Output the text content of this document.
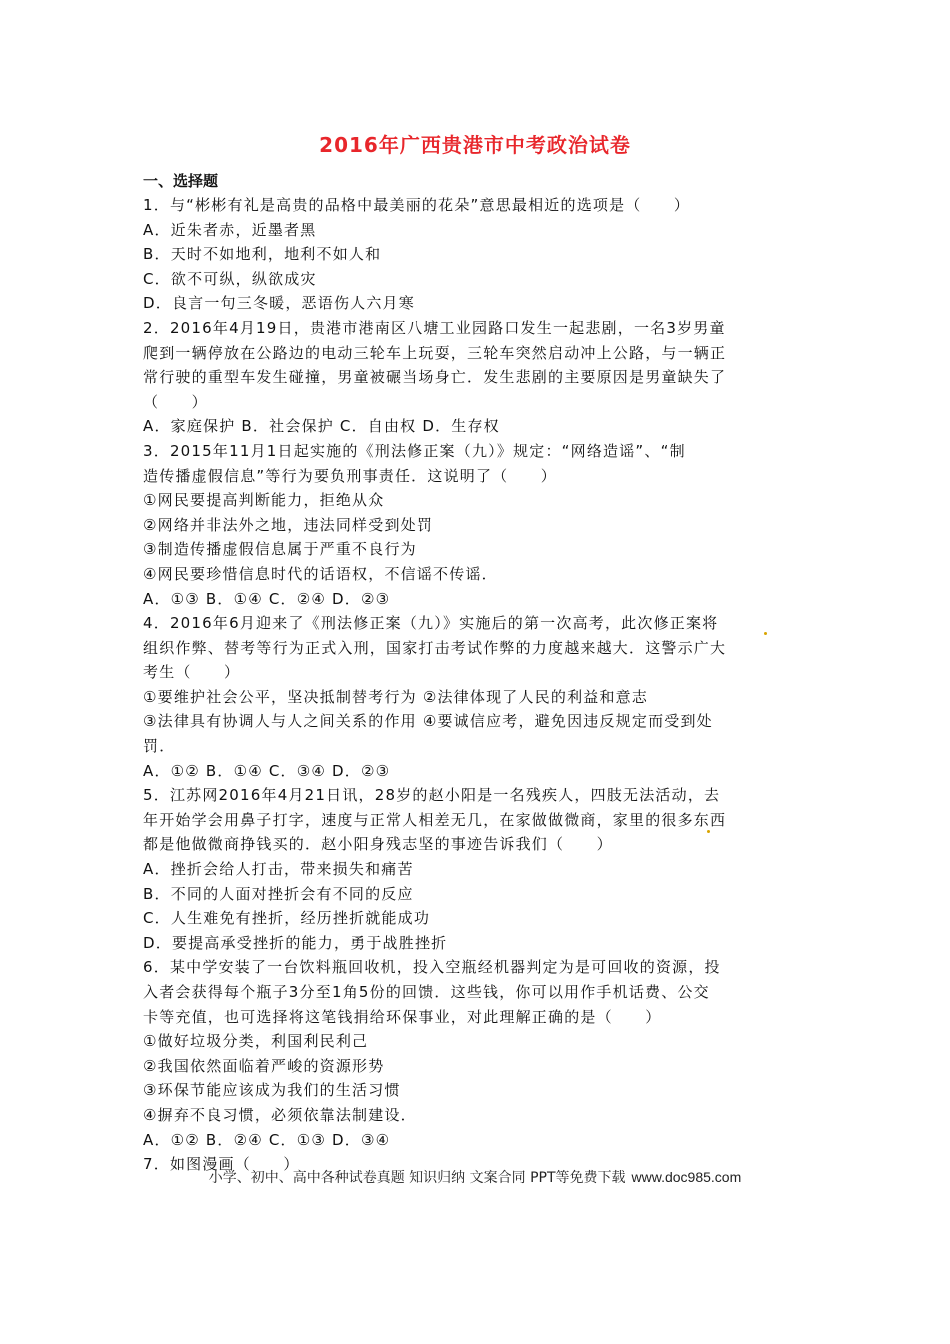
2016年广西贵港市中考政治试卷
一、选择题
1．与“彬彬有礼是高贵的品格中最美丽的花朵”意思最相近的选项是（　　）
A．近朱者赤，近墨者黑
B．天时不如地利，地利不如人和
C．欲不可纵，纵欲成灾
D．良言一句三冬暖，恶语伤人六月寒
2．2016年4月19日，贵港市港南区八塘工业园路口发生一起悲剧，一名3岁男童
爬到一辆停放在公路边的电动三轮车上玩耍，三轮车突然启动冲上公路，与一辆正
常行驶的重型车发生碰撞，男童被碾当场身亡．发生悲剧的主要原因是男童缺失了
（　　）
A．家庭保护 B．社会保护 C．自由权 D．生存权
3．2015年11月1日起实施的《刑法修正案（九）》规定：“网络造谣”、“制
造传播虚假信息”等行为要负刑事责任．这说明了（　　）
①网民要提高判断能力，拒绝从众
②网络并非法外之地，违法同样受到处罚
③制造传播虚假信息属于严重不良行为
④网民要珍惜信息时代的话语权，不信谣不传谣．
A．①③ B．①④ C．②④ D．②③
4．2016年6月迎来了《刑法修正案（九）》实施后的第一次高考，此次修正案将
组织作弊、替考等行为正式入刑，国家打击考试作弊的力度越来越大．这警示广大
考生（　　）
①要维护社会公平，坚决抵制替考行为 ②法律体现了人民的利益和意志
③法律具有协调人与人之间关系的作用 ④要诚信应考，避免因违反规定而受到处
罚．
A．①② B．①④ C．③④ D．②③
5．江苏网2016年4月21日讯，28岁的赵小阳是一名残疾人，四肢无法活动，去
年开始学会用鼻子打字，速度与正常人相差无几，在家做做微商，家里的很多东西
都是他做微商挣钱买的．赵小阳身残志坚的事迹告诉我们（　　）
A．挫折会给人打击，带来损失和痛苦
B．不同的人面对挫折会有不同的反应
C．人生难免有挫折，经历挫折就能成功
D．要提高承受挫折的能力，勇于战胜挫折
6．某中学安装了一台饮料瓶回收机，投入空瓶经机器判定为是可回收的资源，投
入者会获得每个瓶子3分至1角5份的回馈．这些钱，你可以用作手机话费、公交
卡等充值，也可选择将这笔钱捐给环保事业，对此理解正确的是（　　）
①做好垃圾分类，利国利民利己
②我国依然面临着严峻的资源形势
③环保节能应该成为我们的生活习惯
④摒弃不良习惯，必须依靠法制建设．
A．①② B．②④ C．①③ D．③④
7．如图漫画（　　）
小学、初中、高中各种试卷真题 知识归纳 文案合同 PPT等免费下载 www.doc985.com
